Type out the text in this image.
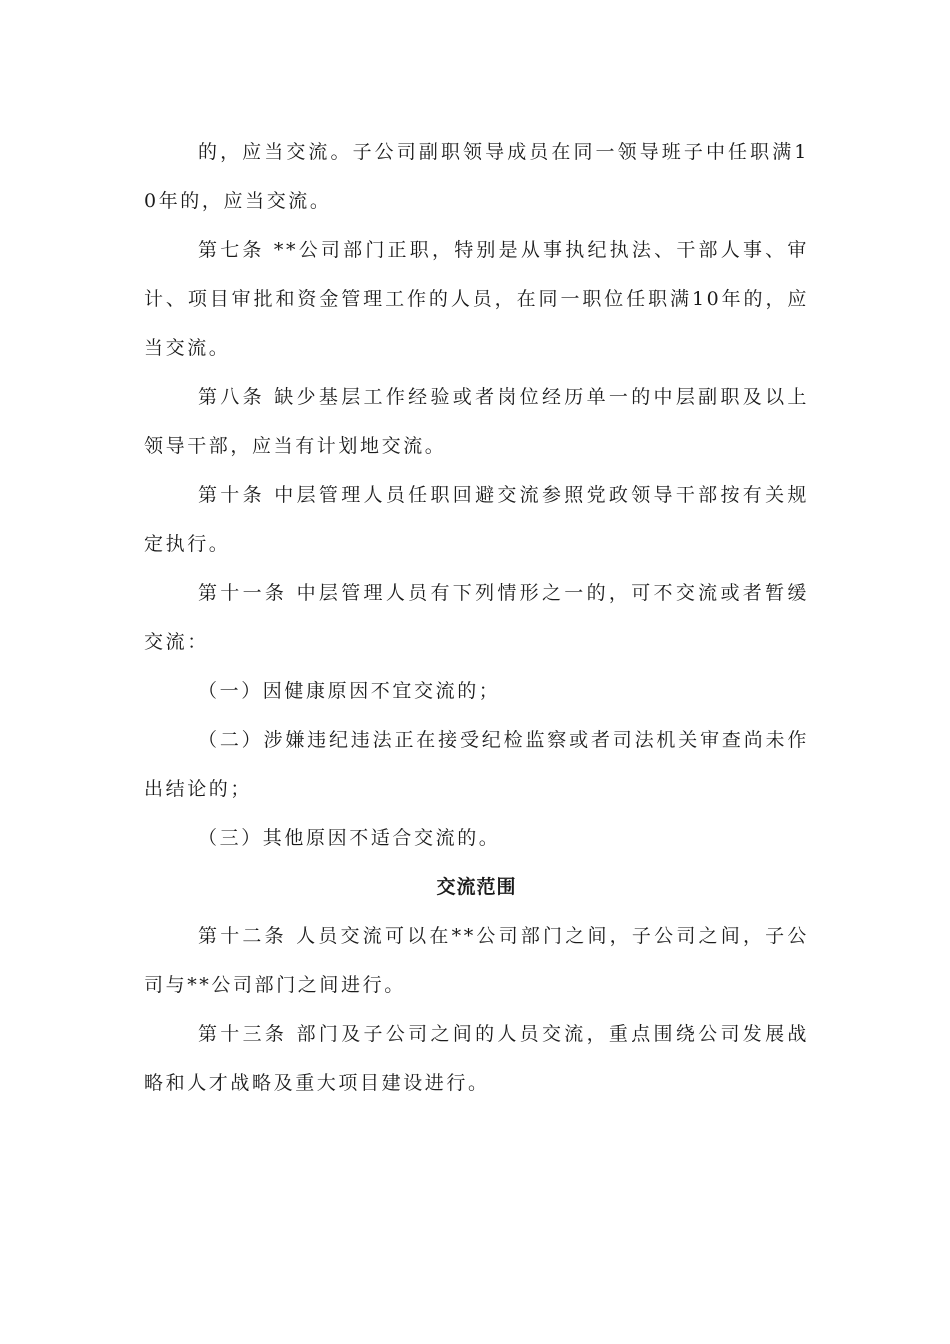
的，应当交流。子公司副职领导成员在同一领导班子中任职满10年的，应当交流。

第七条 **公司部门正职，特别是从事执纪执法、干部人事、审计、项目审批和资金管理工作的人员，在同一职位任职满10年的，应当交流。

第八条 缺少基层工作经验或者岗位经历单一的中层副职及以上领导干部，应当有计划地交流。

第十条 中层管理人员任职回避交流参照党政领导干部按有关规定执行。

第十一条 中层管理人员有下列情形之一的，可不交流或者暂缓交流：

（一）因健康原因不宜交流的；

（二）涉嫌违纪违法正在接受纪检监察或者司法机关审查尚未作出结论的；

（三）其他原因不适合交流的。

交流范围

第十二条 人员交流可以在**公司部门之间，子公司之间，子公司与**公司部门之间进行。

第十三条 部门及子公司之间的人员交流，重点围绕公司发展战略和人才战略及重大项目建设进行。
